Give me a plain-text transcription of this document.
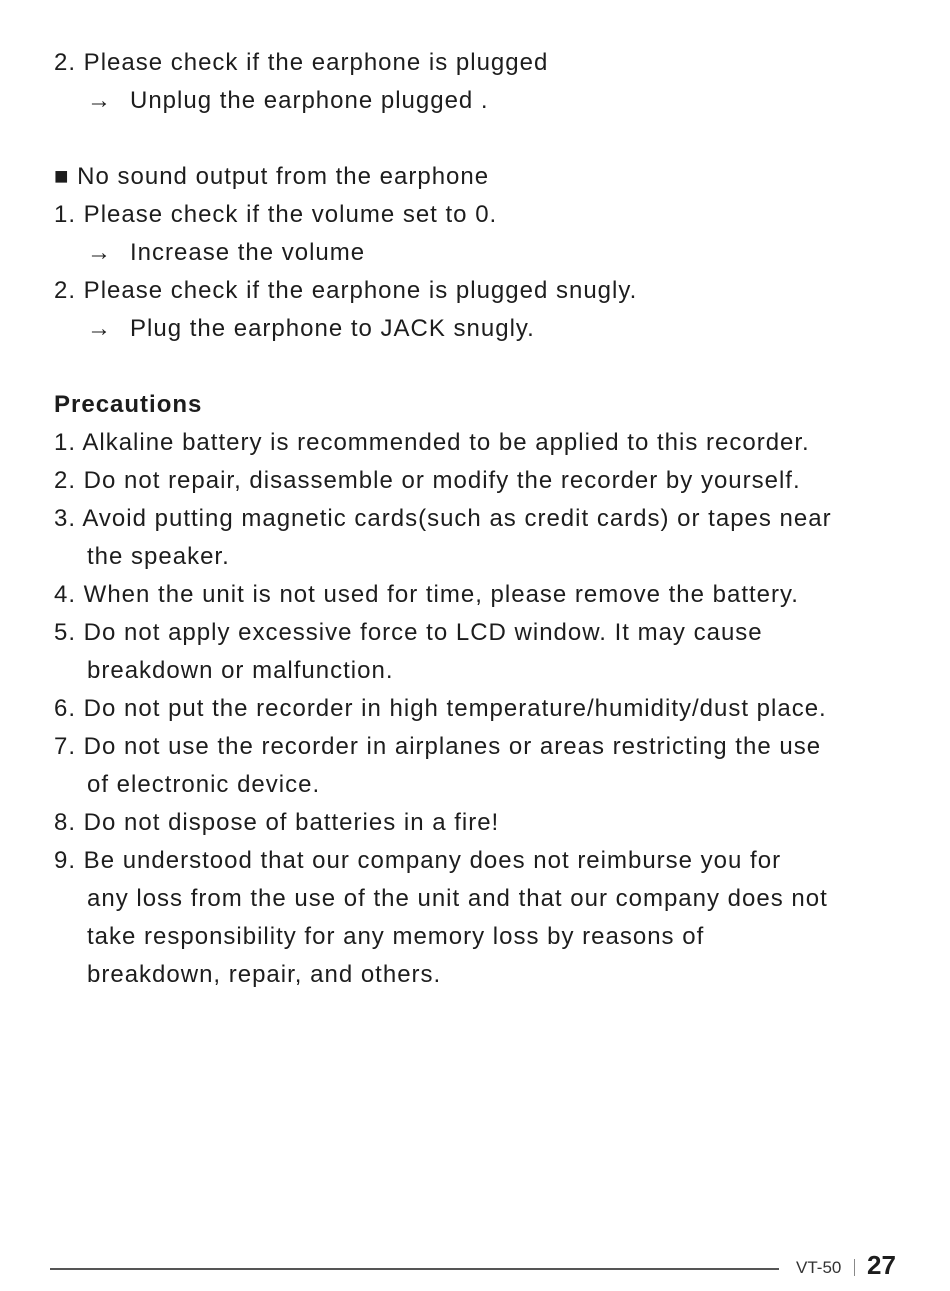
2. Please check if the earphone is plugged
→ Unplug the earphone plugged .
■ No sound output from the earphone
1. Please check if the volume set to 0.
→ Increase the volume
2. Please check if the earphone is plugged snugly.
→ Plug the earphone to JACK snugly.
Precautions
1. Alkaline battery is recommended to be applied to this recorder.
2. Do not repair, disassemble or modify the recorder by yourself.
3. Avoid putting magnetic cards(such as credit cards) or tapes near
the speaker.
4. When the unit is not used for time, please remove the battery.
5. Do not apply excessive force to LCD window. It may cause
breakdown or malfunction.
6. Do not put the recorder in high temperature/humidity/dust place.
7. Do not use the recorder in airplanes or areas restricting the use
of electronic device.
8. Do not dispose of batteries in a fire!
9. Be understood that our company does not reimburse you for
any loss from the use of the unit and that our company does not
take responsibility for any memory loss by reasons of
breakdown, repair, and others.
VT-50 27
